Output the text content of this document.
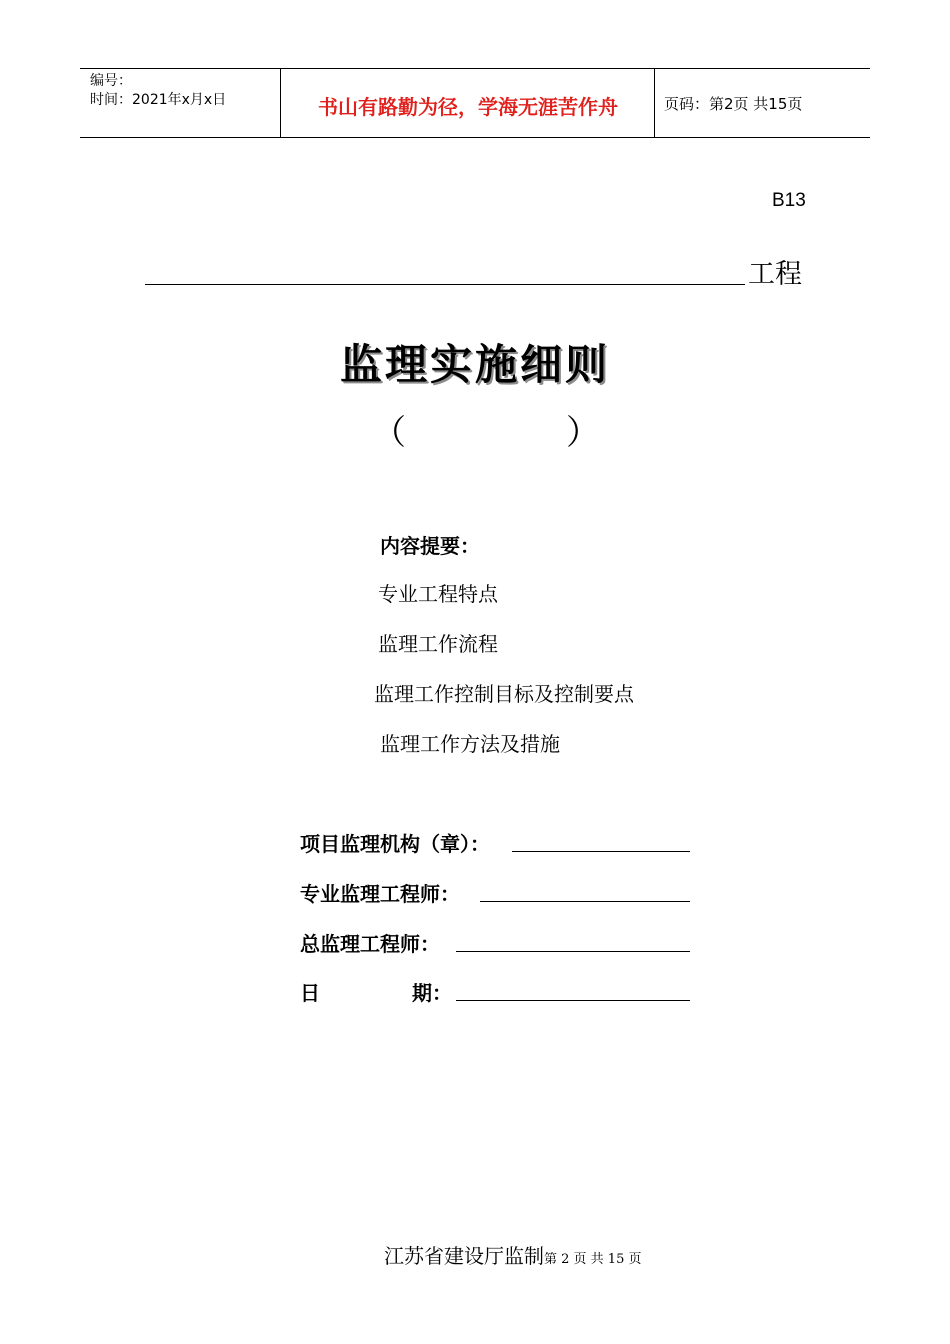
编号：
时间：2021年x月x日	书山有路勤为径，学海无涯苦作舟	页码：第2页 共15页
B13
工程
监理实施细则
（	）
内容提要：
专业工程特点
监理工作流程
监理工作控制目标及控制要点
监理工作方法及措施
项目监理机构（章）：
专业监理工程师：
总监理工程师：
日	期：
江苏省建设厅监制第 2 页 共 15 页
